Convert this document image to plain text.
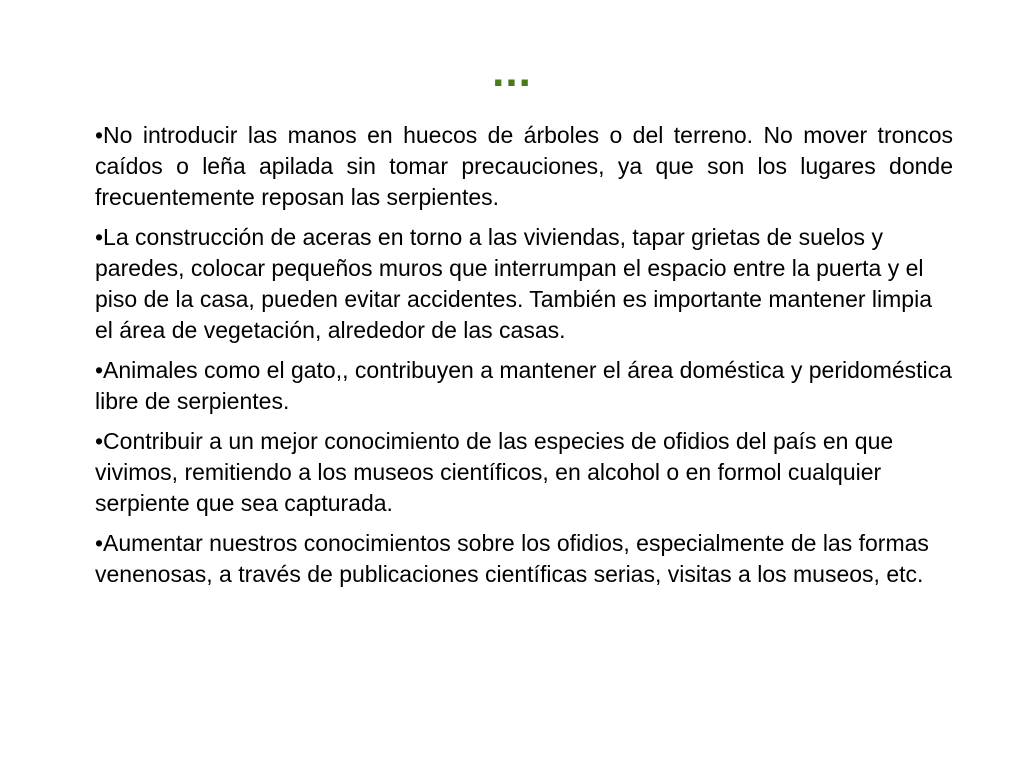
...

•No introducir las manos en huecos de árboles o del terreno. No mover troncos caídos o leña apilada sin tomar precauciones, ya que son los lugares donde frecuentemente reposan las serpientes.

•La construcción de aceras en torno a las viviendas, tapar grietas de suelos y paredes, colocar pequeños muros que interrumpan el espacio entre la puerta y el piso de la casa, pueden evitar accidentes. También es importante mantener limpia el área de vegetación, alrededor de las casas.

•Animales como el gato,, contribuyen a mantener el área doméstica y peridoméstica libre de serpientes.

•Contribuir a un mejor conocimiento de las especies de ofidios del país en que vivimos, remitiendo a los museos científicos, en alcohol o en formol cualquier serpiente que sea capturada.

•Aumentar nuestros conocimientos sobre los ofidios, especialmente de las formas venenosas, a través de publicaciones científicas serias, visitas a los museos, etc.
